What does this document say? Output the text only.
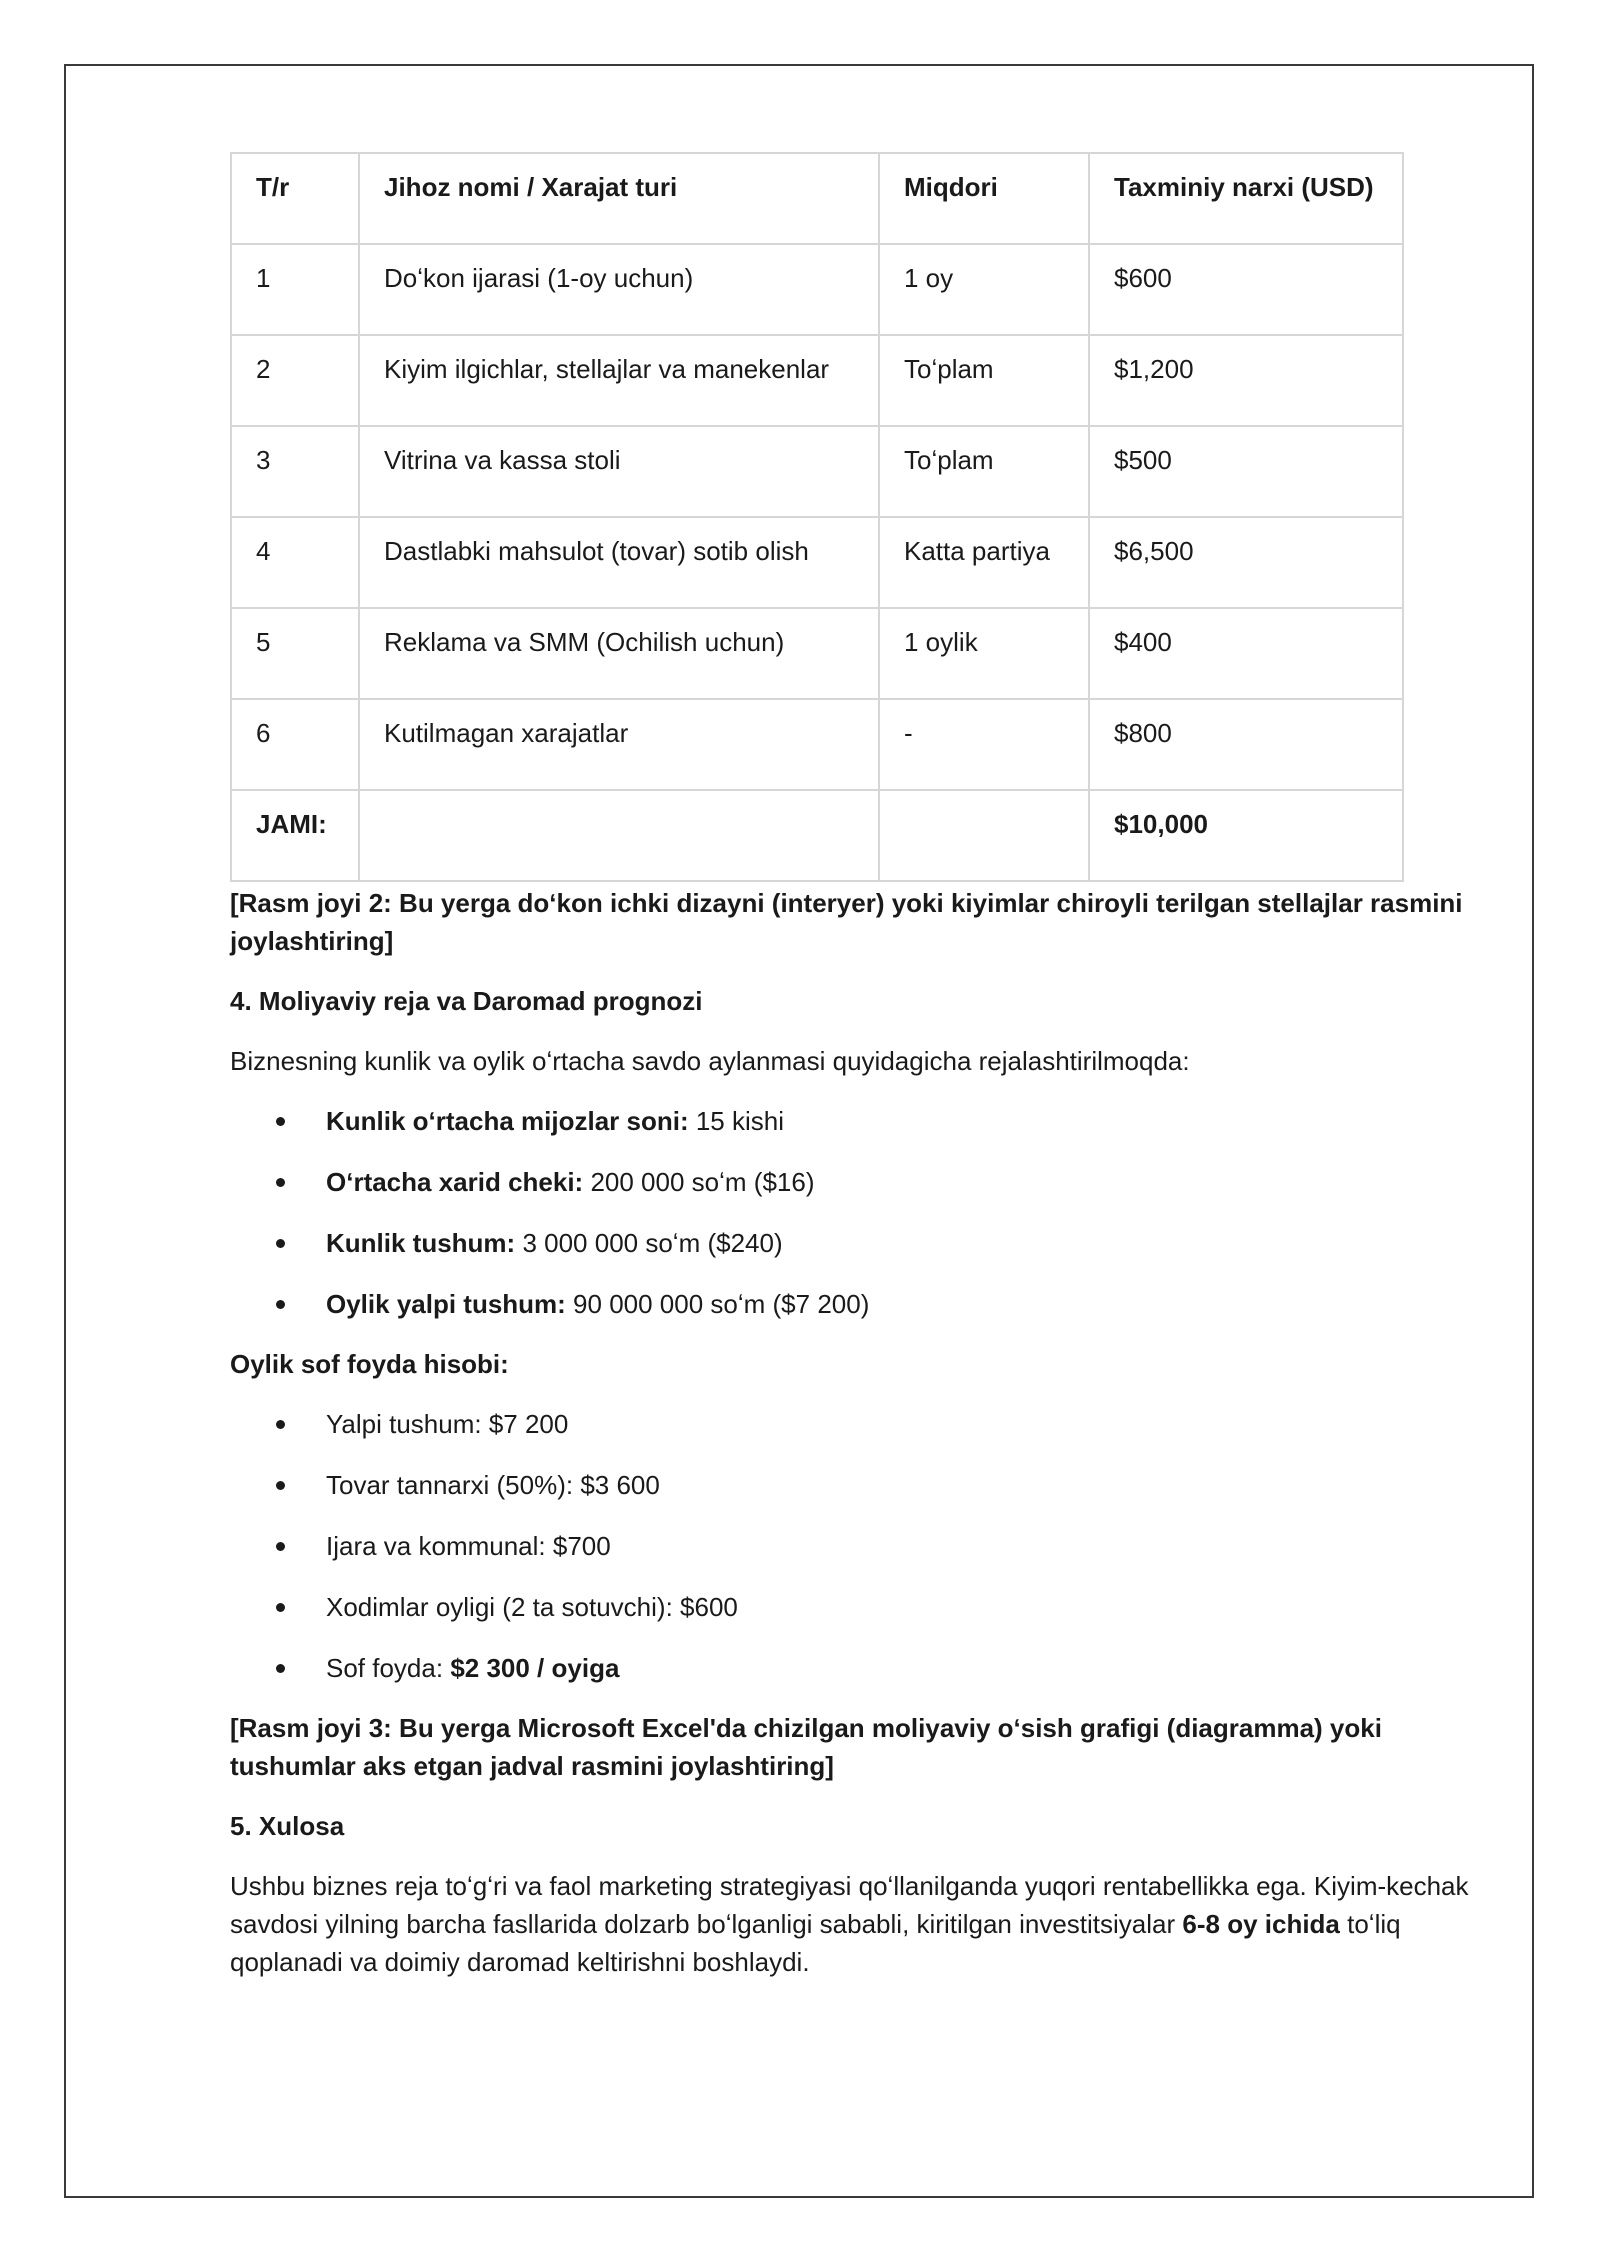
T/r	Jihoz nomi / Xarajat turi	Miqdori	Taxminiy narxi (USD)
1	Doʻkon ijarasi (1-oy uchun)	1 oy	$600
2	Kiyim ilgichlar, stellajlar va manekenlar	Toʻplam	$1,200
3	Vitrina va kassa stoli	Toʻplam	$500
4	Dastlabki mahsulot (tovar) sotib olish	Katta partiya	$6,500
5	Reklama va SMM (Ochilish uchun)	1 oylik	$400
6	Kutilmagan xarajatlar	-	$800
JAMI:			$10,000
[Rasm joyi 2: Bu yerga doʻkon ichki dizayni (interyer) yoki kiyimlar chiroyli terilgan stellajlar rasmini joylashtiring]
4. Moliyaviy reja va Daromad prognozi
Biznesning kunlik va oylik oʻrtacha savdo aylanmasi quyidagicha rejalashtirilmoqda:
Kunlik oʻrtacha mijozlar soni: 15 kishi
Oʻrtacha xarid cheki: 200 000 soʻm ($16)
Kunlik tushum: 3 000 000 soʻm ($240)
Oylik yalpi tushum: 90 000 000 soʻm ($7 200)
Oylik sof foyda hisobi:
Yalpi tushum: $7 200
Tovar tannarxi (50%): $3 600
Ijara va kommunal: $700
Xodimlar oyligi (2 ta sotuvchi): $600
Sof foyda: $2 300 / oyiga
[Rasm joyi 3: Bu yerga Microsoft Excel'da chizilgan moliyaviy oʻsish grafigi (diagramma) yoki tushumlar aks etgan jadval rasmini joylashtiring]
5. Xulosa
Ushbu biznes reja toʻgʻri va faol marketing strategiyasi qoʻllanilganda yuqori rentabellikka ega. Kiyim-kechak savdosi yilning barcha fasllarida dolzarb boʻlganligi sababli, kiritilgan investitsiyalar 6-8 oy ichida toʻliq qoplanadi va doimiy daromad keltirishni boshlaydi.
